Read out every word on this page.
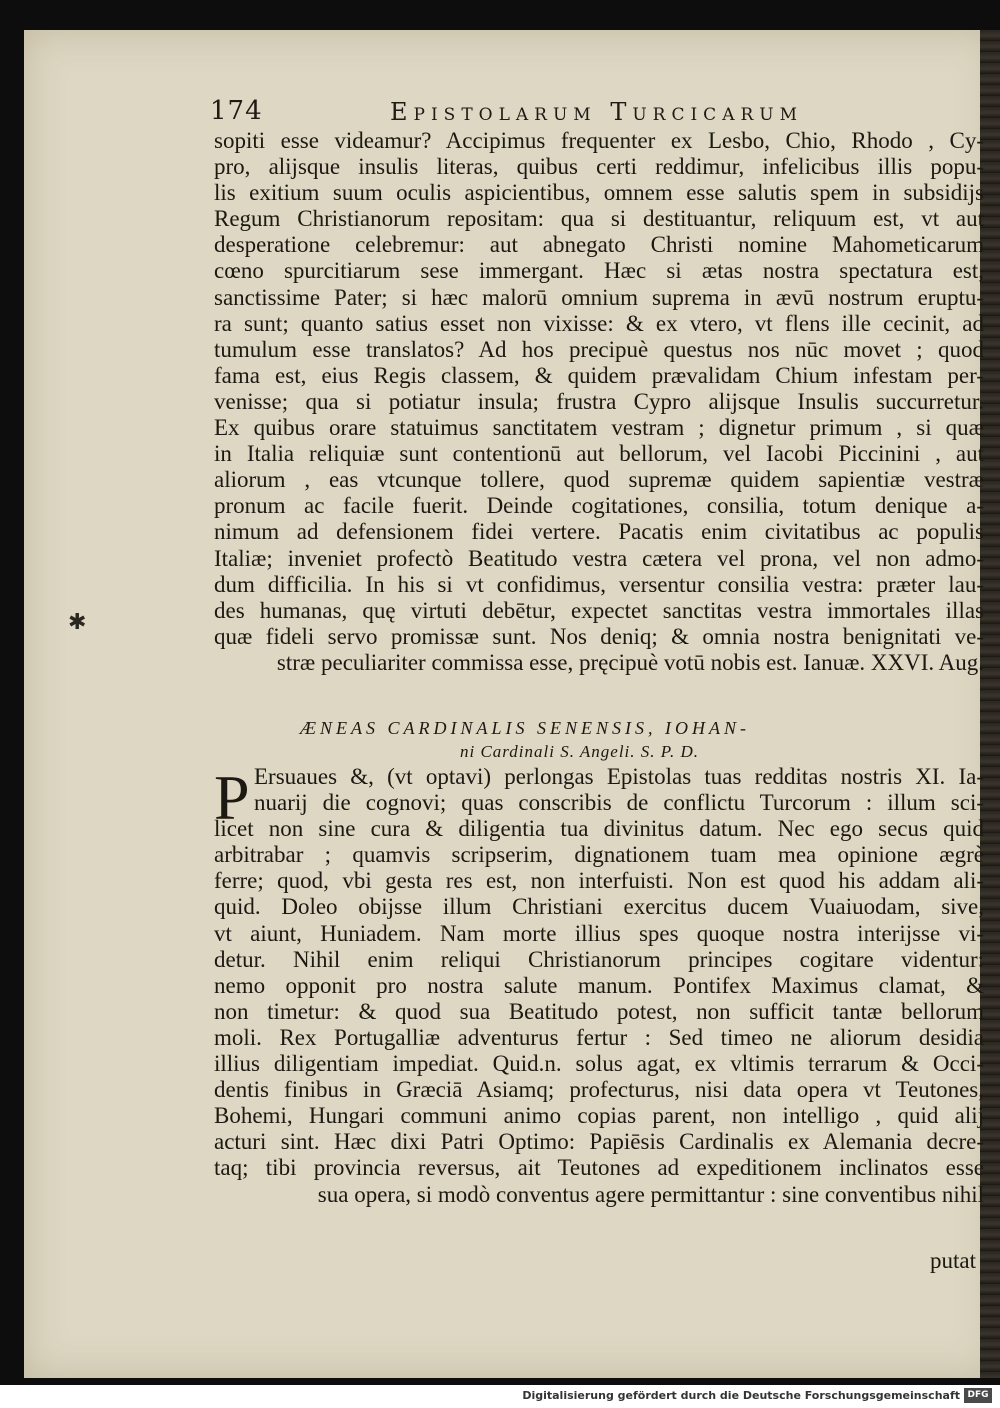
174	Epistolarum Turcicarum
✱
sopiti esse videamur? Accipimus frequenter ex Lesbo, Chio, Rhodo , Cy-
pro, alijsque insulis literas, quibus certi reddimur, infelicibus illis popu-
lis exitium suum oculis aspicientibus, omnem esse salutis spem in subsidijs
Regum Christianorum repositam: qua si destituantur, reliquum est, vt aut
desperatione celebremur: aut abnegato Christi nomine Mahometicarum
cœno spurcitiarum sese immergant. Hæc si ætas nostra spectatura est,
sanctissime Pater; si hæc malorū omnium suprema in ævū nostrum eruptu-
ra sunt; quanto satius esset non vixisse: & ex vtero, vt flens ille cecinit, ad
tumulum esse translatos? Ad hos precipuè questus nos nūc movet ; quod
fama est, eius Regis classem, & quidem prævalidam Chium infestam per-
venisse; qua si potiatur insula; frustra Cypro alijsque Insulis succurretur.
Ex quibus orare statuimus sanctitatem vestram ; dignetur primum , si quæ
in Italia reliquiæ sunt contentionū aut bellorum, vel Iacobi Piccinini , aut
aliorum , eas vtcunque tollere, quod supremæ quidem sapientiæ vestræ
pronum ac facile fuerit. Deinde cogitationes, consilia, totum denique a-
nimum ad defensionem fidei vertere. Pacatis enim civitatibus ac populis
Italiæ; inveniet profectò Beatitudo vestra cætera vel prona, vel non admo-
dum difficilia. In his si vt confidimus, versentur consilia vestra: præter lau-
des humanas, quę virtuti debētur, expectet sanctitas vestra immortales illas
quæ fideli servo promissæ sunt. Nos deniq; & omnia nostra benignitati ve-
stræ peculiariter commissa esse, pręcipuè votū nobis est. Ianuæ. XXVI. Aug.
ÆNEAS CARDINALIS SENENSIS, IOHAN-
ni Cardinali S. Angeli. S. P. D.
P Ersuaues &, (vt optavi) perlongas Epistolas tuas redditas nostris XI. Ia-
nuarij die cognovi; quas conscribis de conflictu Turcorum : illum sci-
licet non sine cura & diligentia tua divinitus datum. Nec ego secus quid
arbitrabar ; quamvis scripserim, dignationem tuam mea opinione ægrè
ferre; quod, vbi gesta res est, non interfuisti. Non est quod his addam ali-
quid. Doleo obijsse illum Christiani exercitus ducem Vuaiuodam, sive,
vt aiunt, Huniadem. Nam morte illius spes quoque nostra interijsse vi-
detur. Nihil enim reliqui Christianorum principes cogitare videntur:
nemo opponit pro nostra salute manum. Pontifex Maximus clamat, &
non timetur: & quod sua Beatitudo potest, non sufficit tantæ bellorum
moli. Rex Portugalliæ adventurus fertur : Sed timeo ne aliorum desidia
illius diligentiam impediat. Quid.n. solus agat, ex vltimis terrarum & Occi-
dentis finibus in Græciā Asiamq; profecturus, nisi data opera vt Teutones,
Bohemi, Hungari communi animo copias parent, non intelligo , quid alij
acturi sint. Hæc dixi Patri Optimo: Papiēsis Cardinalis ex Alemania decre-
taq; tibi provincia reversus, ait Teutones ad expeditionem inclinatos esse
sua opera, si modò conventus agere permittantur : sine conventibus nihil
putat
Digitalisierung gefördert durch die Deutsche Forschungsgemeinschaft DFG
